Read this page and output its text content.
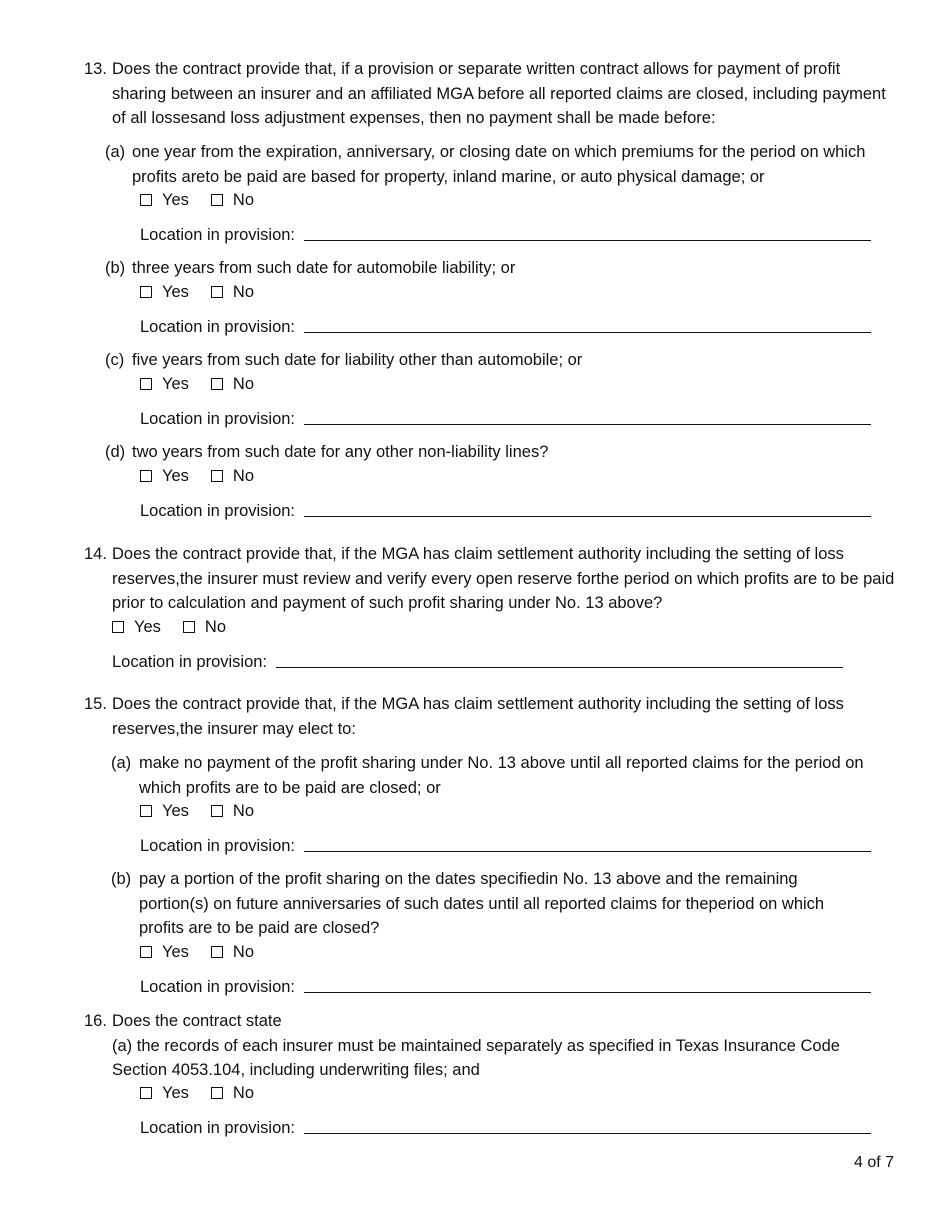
13. Does the contract provide that, if a provision or separate written contract allows for payment of profit sharing between an insurer and an affiliated MGA before all reported claims are closed, including payment of all lossesand loss adjustment expenses, then no payment shall be made before:
(a) one year from the expiration, anniversary, or closing date on which premiums for the period on which profits areto be paid are based for property, inland marine, or auto physical damage; or
Yes	No
Location in provision:
(b) three years from such date for automobile liability; or
Yes	No
Location in provision:
(c) five years from such date for liability other than automobile; or
Yes	No
Location in provision:
(d) two years from such date for any other non-liability lines?
Yes	No
Location in provision:
14. Does the contract provide that, if the MGA has claim settlement authority including the setting of loss reserves,the insurer must review and verify every open reserve forthe period on which profits are to be paid prior to calculation and payment of such profit sharing under No. 13 above?
Yes	No
Location in provision:
15. Does the contract provide that, if the MGA has claim settlement authority including the setting of loss reserves,the insurer may elect to:
(a) make no payment of the profit sharing under No. 13 above until all reported claims for the period on which profits are to be paid are closed; or
Yes	No
Location in provision:
(b) pay a portion of the profit sharing on the dates specifiedin No. 13 above and the remaining portion(s) on future anniversaries of such dates until all reported claims for theperiod on which profits are to be paid are closed?
Yes	No
Location in provision:
16. Does the contract state
(a) the records of each insurer must be maintained separately as specified in Texas Insurance Code Section 4053.104, including underwriting files; and
Yes	No
Location in provision:
4 of 7
